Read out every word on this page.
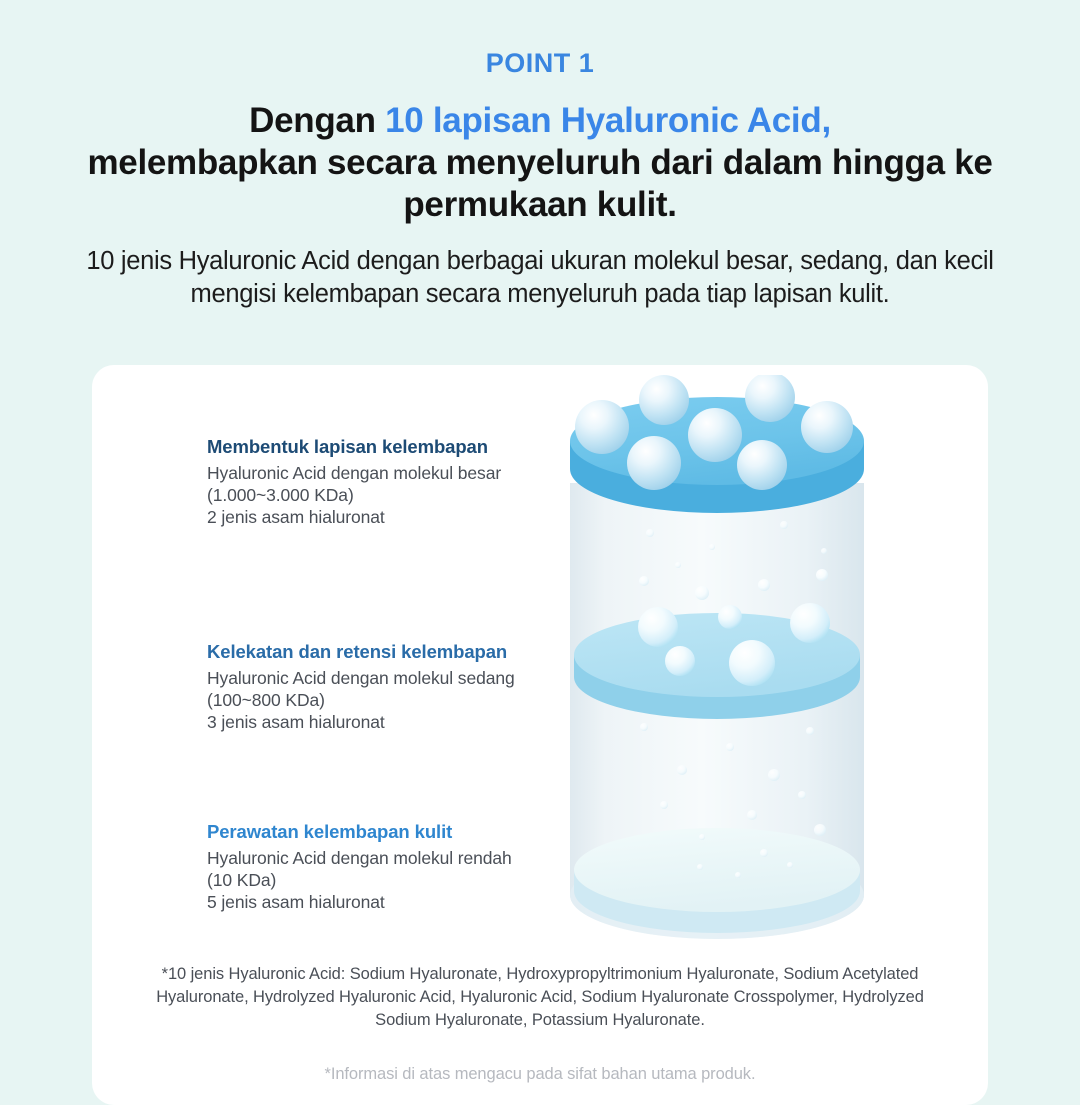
POINT 1
Dengan 10 lapisan Hyaluronic Acid,
melembapkan secara menyeluruh dari dalam hingga ke permukaan kulit.
10 jenis Hyaluronic Acid dengan berbagai ukuran molekul besar, sedang, dan kecil mengisi kelembapan secara menyeluruh pada tiap lapisan kulit.
Membentuk lapisan kelembapan
Hyaluronic Acid dengan molekul besar
(1.000~3.000 KDa)
2 jenis asam hialuronat
Kelekatan dan retensi kelembapan
Hyaluronic Acid dengan molekul sedang
(100~800 KDa)
3 jenis asam hialuronat
Perawatan kelembapan kulit
Hyaluronic Acid dengan molekul rendah
(10 KDa)
5 jenis asam hialuronat
*10 jenis Hyaluronic Acid: Sodium Hyaluronate, Hydroxypropyltrimonium Hyaluronate, Sodium Acetylated Hyaluronate, Hydrolyzed Hyaluronic Acid, Hyaluronic Acid, Sodium Hyaluronate Crosspolymer, Hydrolyzed Sodium Hyaluronate, Potassium Hyaluronate.
*Informasi di atas mengacu pada sifat bahan utama produk.
